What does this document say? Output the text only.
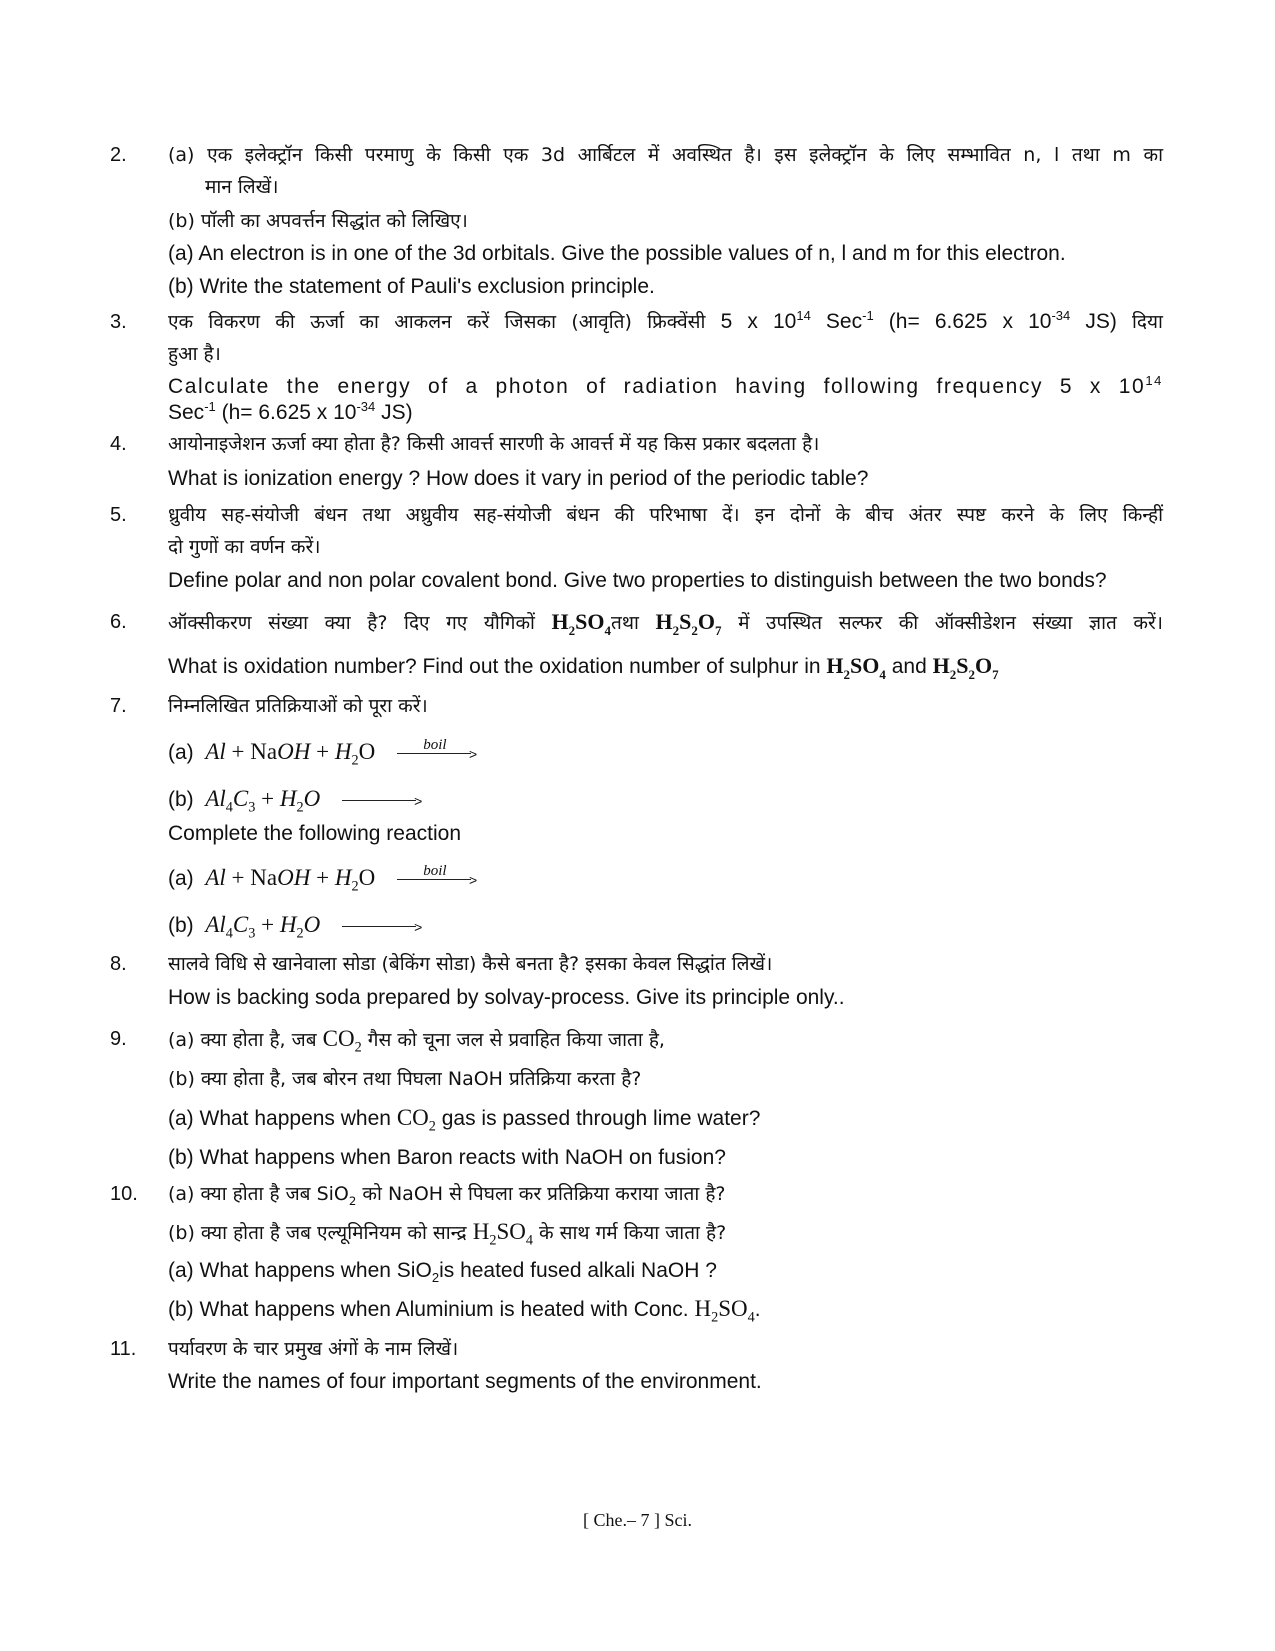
2. (a) एक इलेक्ट्रॉन किसी परमाणु के किसी एक 3d आर्बिटल में अवस्थित है। इस इलेक्ट्रॉन के लिए सम्भावित n, l तथा m का
मान लिखें।
(b) पॉली का अपवर्त्तन सिद्धांत को लिखिए।
(a) An electron is in one of the 3d orbitals. Give the possible values of n, l and m for this electron.
(b) Write the statement of Pauli's exclusion principle.
3. एक विकरण की ऊर्जा का आकलन करें जिसका (आवृति) फ्रिक्वेंसी 5 x $10^{14}$ Sec$^{-1}$ (h= 6.625 x $10^{-34}$ JS) दिया
हुआ है।
Calculate the energy of a photon of radiation having following frequency 5 x $10^{14}$
Sec$^{-1}$ (h= 6.625 x $10^{-34}$ JS)
4. आयोनाइजेशन ऊर्जा क्या होता है? किसी आवर्त्त सारणी के आवर्त्त में यह किस प्रकार बदलता है।
What is ionization energy ? How does it vary in period of the periodic table?
5. ध्रुवीय सह-संयोजी बंधन तथा अध्रुवीय सह-संयोजी बंधन की परिभाषा दें। इन दोनों के बीच अंतर स्पष्ट करने के लिए किन्हीं
दो गुणों का वर्णन करें।
Define polar and non polar covalent bond. Give two properties to distinguish between the two bonds?
6. ऑक्सीकरण संख्या क्या है? दिए गए यौगिकों $H_2SO_4तथा$ $H_2S_2O_7$ में उपस्थित सल्फर की ऑक्सीडेशन संख्या ज्ञात करें।
What is oxidation number? Find out the oxidation number of sulphur in $H_2SO_4$ and $H_2S_2O_7$
7. निम्नलिखित प्रतिक्रियाओं को पूरा करें।
(a) Al + NaOH + $H_2O$	boil
>
(b) $Al_4C_3 + H_2O$	>
Complete the following reaction
(a) Al + NaOH + $H_2O$	boil
>
(b) $Al_4C_3 + H_2O$	>
8. सालवे विधि से खानेवाला सोडा (बेकिंग सोडा) कैसे बनता है? इसका केवल सिद्धांत लिखें।
How is backing soda prepared by solvay-process. Give its principle only..
9. (a) क्या होता है, जब $CO_2$ गैस को चूना जल से प्रवाहित किया जाता है,
(b) क्या होता है, जब बोरन तथा पिघला NaOH प्रतिक्रिया करता है?
(a) What happens when $CO_2$ gas is passed through lime water?
(b) What happens when Baron reacts with NaOH on fusion?
10. (a) क्या होता है जब SiO$_2$ को NaOH से पिघला कर प्रतिक्रिया कराया जाता है?
(b) क्या होता है जब एल्यूमिनियम को सान्द्र $H_2SO_4$ के साथ गर्म किया जाता है?
(a) What happens when SiO$_2$is heated fused alkali NaOH ?
(b) What happens when Aluminium is heated with Conc. $H_2SO_4$.
11. पर्यावरण के चार प्रमुख अंगों के नाम लिखें।
Write the names of four important segments of the environment.
[ Che.– 7 ] Sci.
